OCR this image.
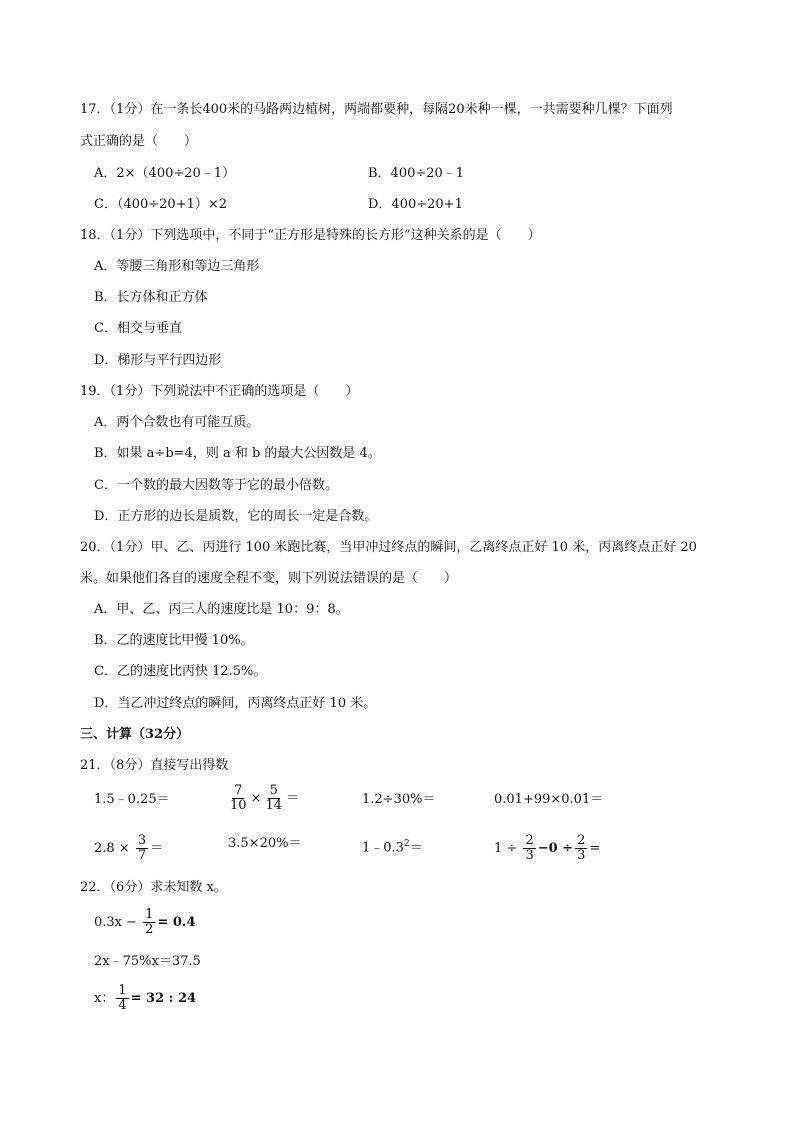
17．（1分）在一条长400米的马路两边植树，两端都要种，每隔20米种一棵，一共需要种几棵？下面列
式正确的是（　　）
A．2×（400÷20﹣1）	B．400÷20﹣1
C．（400÷20+1）×2	D．400÷20+1
18．（1分）下列选项中，不同于“正方形是特殊的长方形”这种关系的是（　　）
A．等腰三角形和等边三角形
B．长方体和正方体
C．相交与垂直
D．梯形与平行四边形
19．（1分）下列说法中不正确的选项是（　　）
A．两个合数也有可能互质。
B．如果 a÷b=4，则 a 和 b 的最大公因数是 4。
C．一个数的最大因数等于它的最小倍数。
D．正方形的边长是质数，它的周长一定是合数。
20．（1分）甲、乙、丙进行 100 米跑比赛，当甲冲过终点的瞬间，乙离终点正好 10 米，丙离终点正好 20
米。如果他们各自的速度全程不变，则下列说法错误的是（　　）
A．甲、乙、丙三人的速度比是 10：9：8。
B．乙的速度比甲慢 10%。
C．乙的速度比丙快 12.5%。
D．当乙冲过终点的瞬间，丙离终点正好 10 米。
三、计算（32分）
21．（8分）直接写出得数
1.5﹣0.25＝	$\frac{7}{10} \times \frac{5}{14}$ ＝	1.2÷30%＝	0.01+99×0.01＝
$2.8 \times \frac{3}{7}$ ＝	3.5×20%＝	$1﹣0.3^2=$	$1 \div \frac{2}{3} -0 \div \frac{2}{3}$ =
22．（6分）求未知数 x。
$0.3x - \frac{1}{2} = 0.4$
2x﹣75%x＝37.5
x： $\frac{1}{4} = 32$ : 24
